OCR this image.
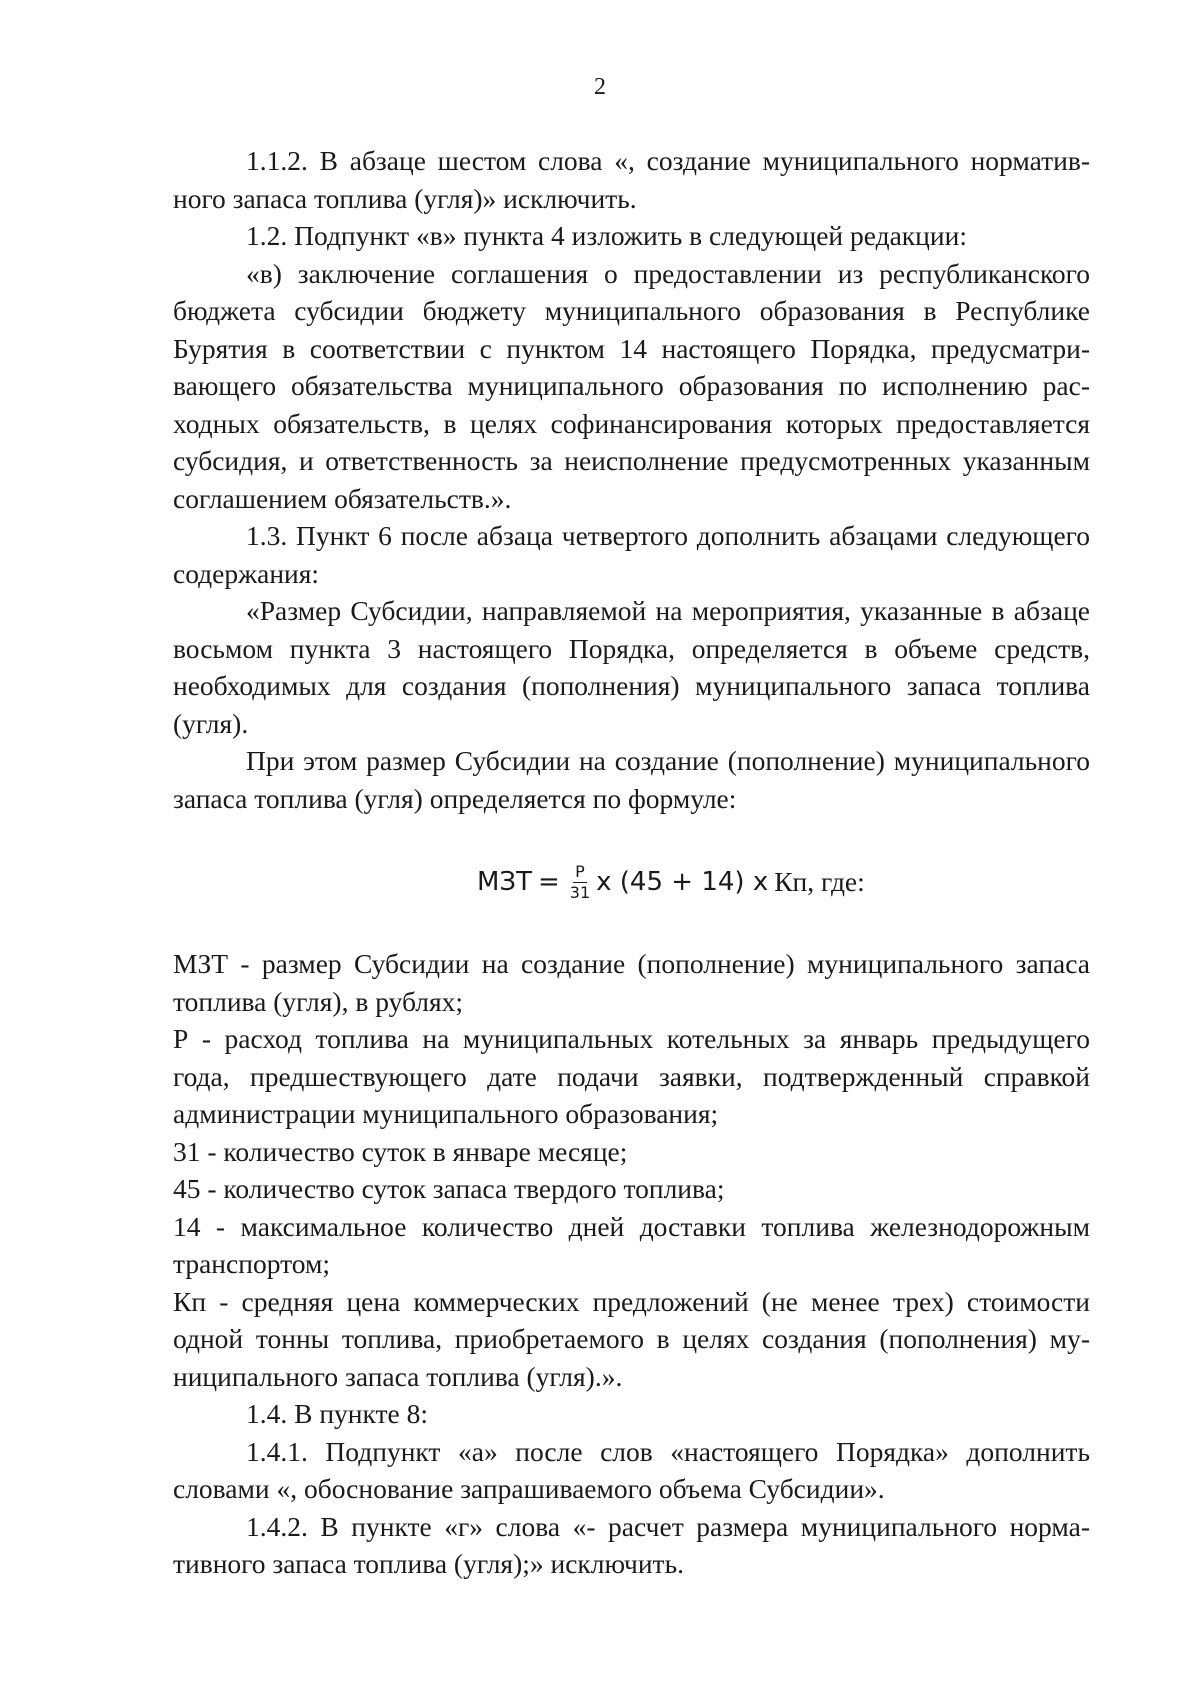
2

1.1.2. В абзаце шестом слова «, создание муниципального нормативного запаса топлива (угля)» исключить.

1.2. Подпункт «в» пункта 4 изложить в следующей редакции:

«в) заключение соглашения о предоставлении из республиканского бюджета субсидии бюджету муниципального образования в Республике Бурятия в соответствии с пунктом 14 настоящего Порядка, предусматривающего обязательства муниципального образования по исполнению расходных обязательств, в целях софинансирования которых предоставляется субсидия, и ответственность за неисполнение предусмотренных указанным соглашением обязательств.».

1.3. Пункт 6 после абзаца четвертого дополнить абзацами следующего содержания:

«Размер Субсидии, направляемой на мероприятия, указанные в абзаце восьмом пункта 3 настоящего Порядка, определяется в объеме средств, необходимых для создания (пополнения) муниципального запаса топлива (угля).

При этом размер Субсидии на создание (пополнение) муниципального запаса топлива (угля) определяется по формуле:

МЗТ = $\frac{Р}{31}$ x (45 + 14) x Кп, где:

МЗТ - размер Субсидии на создание (пополнение) муниципального запаса топлива (угля), в рублях;

Р - расход топлива на муниципальных котельных за январь предыдущего года, предшествующего дате подачи заявки, подтвержденный справкой администрации муниципального образования;

31 - количество суток в январе месяце;

45 - количество суток запаса твердого топлива;

14 - максимальное количество дней доставки топлива железнодорожным транспортом;

Кп - средняя цена коммерческих предложений (не менее трех) стоимости одной тонны топлива, приобретаемого в целях создания (пополнения) муниципального запаса топлива (угля).».

1.4. В пункте 8:

1.4.1. Подпункт «а» после слов «настоящего Порядка» дополнить словами «, обоснование запрашиваемого объема Субсидии».

1.4.2. В пункте «г» слова «- расчет размера муниципального нормативного запаса топлива (угля);» исключить.
